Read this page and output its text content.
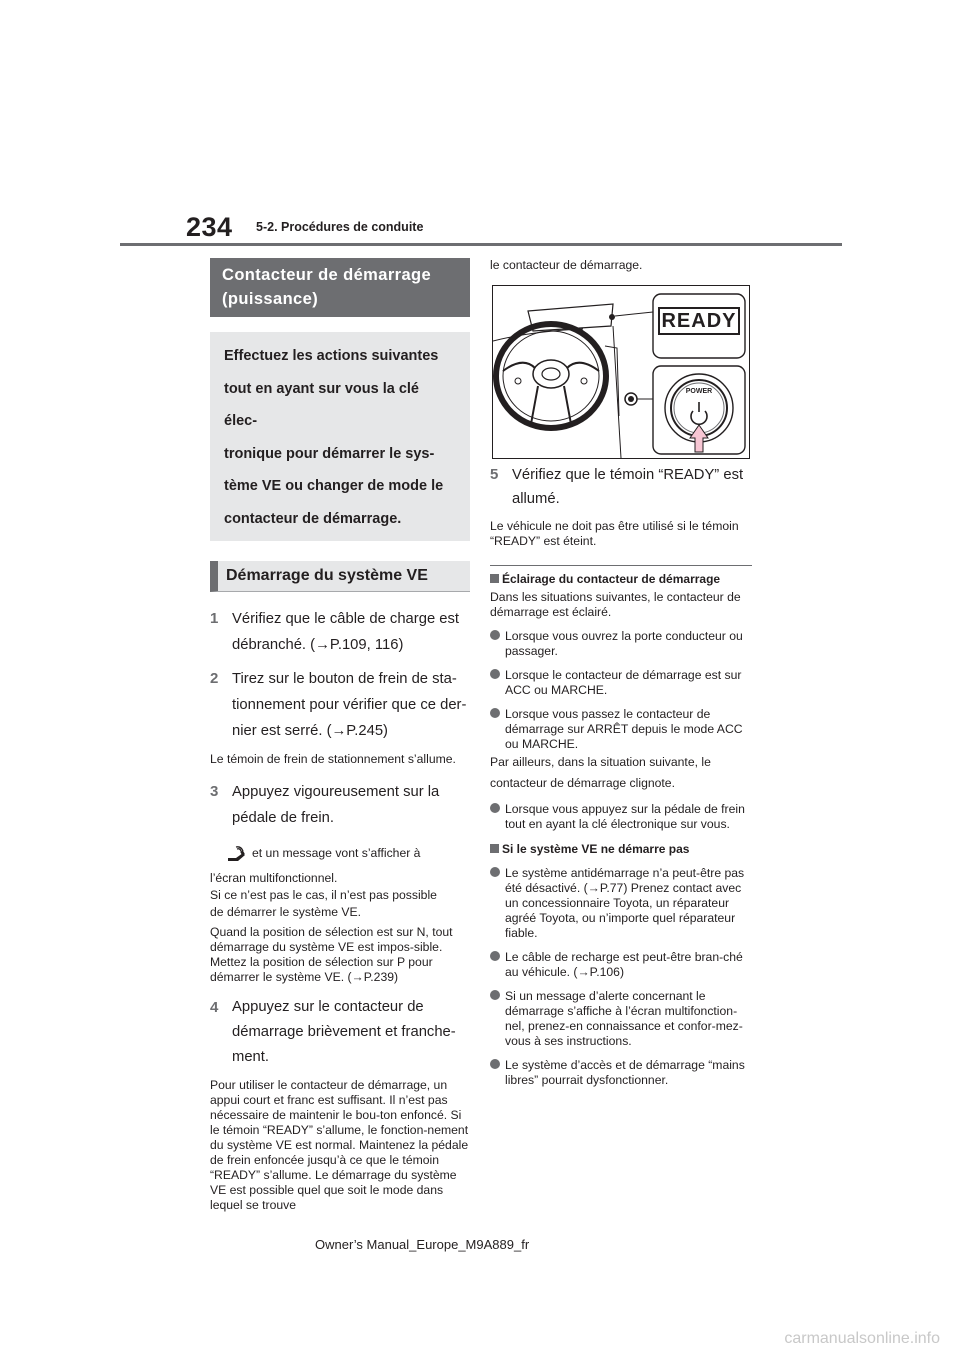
234 5-2. Procédures de conduite
Contacteur de démarrage
(puissance)
Effectuez les actions suivantes
tout en ayant sur vous la clé élec-
tronique pour démarrer le sys-
tème VE ou changer de mode le
contacteur de démarrage.
Démarrage du système VE
1 Vérifiez que le câble de charge est
débranché. (→P.109, 116)
2 Tirez sur le bouton de frein de sta-
tionnement pour vérifier que ce der-
nier est serré. (→P.245)
Le témoin de frein de stationnement s’allume.
3 Appuyez vigoureusement sur la
pédale de frein.
et un message vont s’afficher à
l’écran multifonctionnel.
Si ce n’est pas le cas, il n’est pas possible
de démarrer le système VE.
Quand la position de sélection est sur N, tout démarrage du système VE est impos-sible. Mettez la position de sélection sur P pour démarrer le système VE. (→P.239)
4 Appuyez sur le contacteur de
démarrage brièvement et franche-
ment.
Pour utiliser le contacteur de démarrage, un appui court et franc est suffisant. Il n’est pas nécessaire de maintenir le bou-ton enfoncé. Si le témoin “READY” s’allume, le fonction-nement du système VE est normal. Maintenez la pédale de frein enfoncée jusqu’à ce que le témoin “READY” s’allume. Le démarrage du système VE est possible quel que soit le mode dans lequel se trouve
le contacteur de démarrage.
READY
POWER
5 Vérifiez que le témoin “READY” est
allumé.
Le véhicule ne doit pas être utilisé si le témoin “READY” est éteint.
Éclairage du contacteur de démarrage
Dans les situations suivantes, le contacteur de démarrage est éclairé.
Lorsque vous ouvrez la porte conducteur ou passager.
Lorsque le contacteur de démarrage est sur ACC ou MARCHE.
Lorsque vous passez le contacteur de démarrage sur ARRÊT depuis le mode ACC ou MARCHE.
Par ailleurs, dans la situation suivante, le
contacteur de démarrage clignote.
Lorsque vous appuyez sur la pédale de frein tout en ayant la clé électronique sur vous.
Si le système VE ne démarre pas
Le système antidémarrage n’a peut-être pas été désactivé. (→P.77) Prenez contact avec un concessionnaire Toyota, un réparateur agréé Toyota, ou n’importe quel réparateur fiable.
Le câble de recharge est peut-être bran-ché au véhicule. (→P.106)
Si un message d’alerte concernant le démarrage s’affiche à l’écran multifonction-nel, prenez-en connaissance et confor-mez-vous à ses instructions.
Le système d’accès et de démarrage “mains libres” pourrait dysfonctionner.
Owner’s Manual_Europe_M9A889_fr
carmanualsonline.info
